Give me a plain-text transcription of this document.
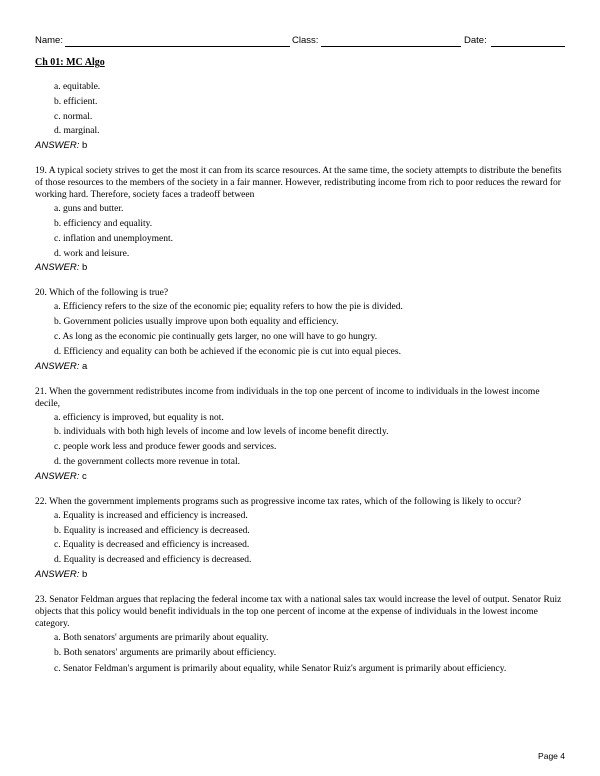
Name:	Class:	Date:
Ch 01: MC Algo
a. equitable.
b. efficient.
c. normal.
d. marginal.
ANSWER: b
19. A typical society strives to get the most it can from its scarce resources. At the same time, the society attempts to distribute the benefits of those resources to the members of the society in a fair manner. However, redistributing income from rich to poor reduces the reward for working hard. Therefore, society faces a tradeoff between
a. guns and butter.
b. efficiency and equality.
c. inflation and unemployment.
d. work and leisure.
ANSWER: b
20. Which of the following is true?
a. Efficiency refers to the size of the economic pie; equality refers to how the pie is divided.
b. Government policies usually improve upon both equality and efficiency.
c. As long as the economic pie continually gets larger, no one will have to go hungry.
d. Efficiency and equality can both be achieved if the economic pie is cut into equal pieces.
ANSWER: a
21. When the government redistributes income from individuals in the top one percent of income to individuals in the lowest income decile,
a. efficiency is improved, but equality is not.
b. individuals with both high levels of income and low levels of income benefit directly.
c. people work less and produce fewer goods and services.
d. the government collects more revenue in total.
ANSWER: c
22. When the government implements programs such as progressive income tax rates, which of the following is likely to occur?
a. Equality is increased and efficiency is increased.
b. Equality is increased and efficiency is decreased.
c. Equality is decreased and efficiency is increased.
d. Equality is decreased and efficiency is decreased.
ANSWER: b
23. Senator Feldman argues that replacing the federal income tax with a national sales tax would increase the level of output. Senator Ruiz objects that this policy would benefit individuals in the top one percent of income at the expense of individuals in the lowest income category.
a. Both senators' arguments are primarily about equality.
b. Both senators' arguments are primarily about efficiency.
c. Senator Feldman's argument is primarily about equality, while Senator Ruiz's argument is primarily about efficiency.
Page 4
